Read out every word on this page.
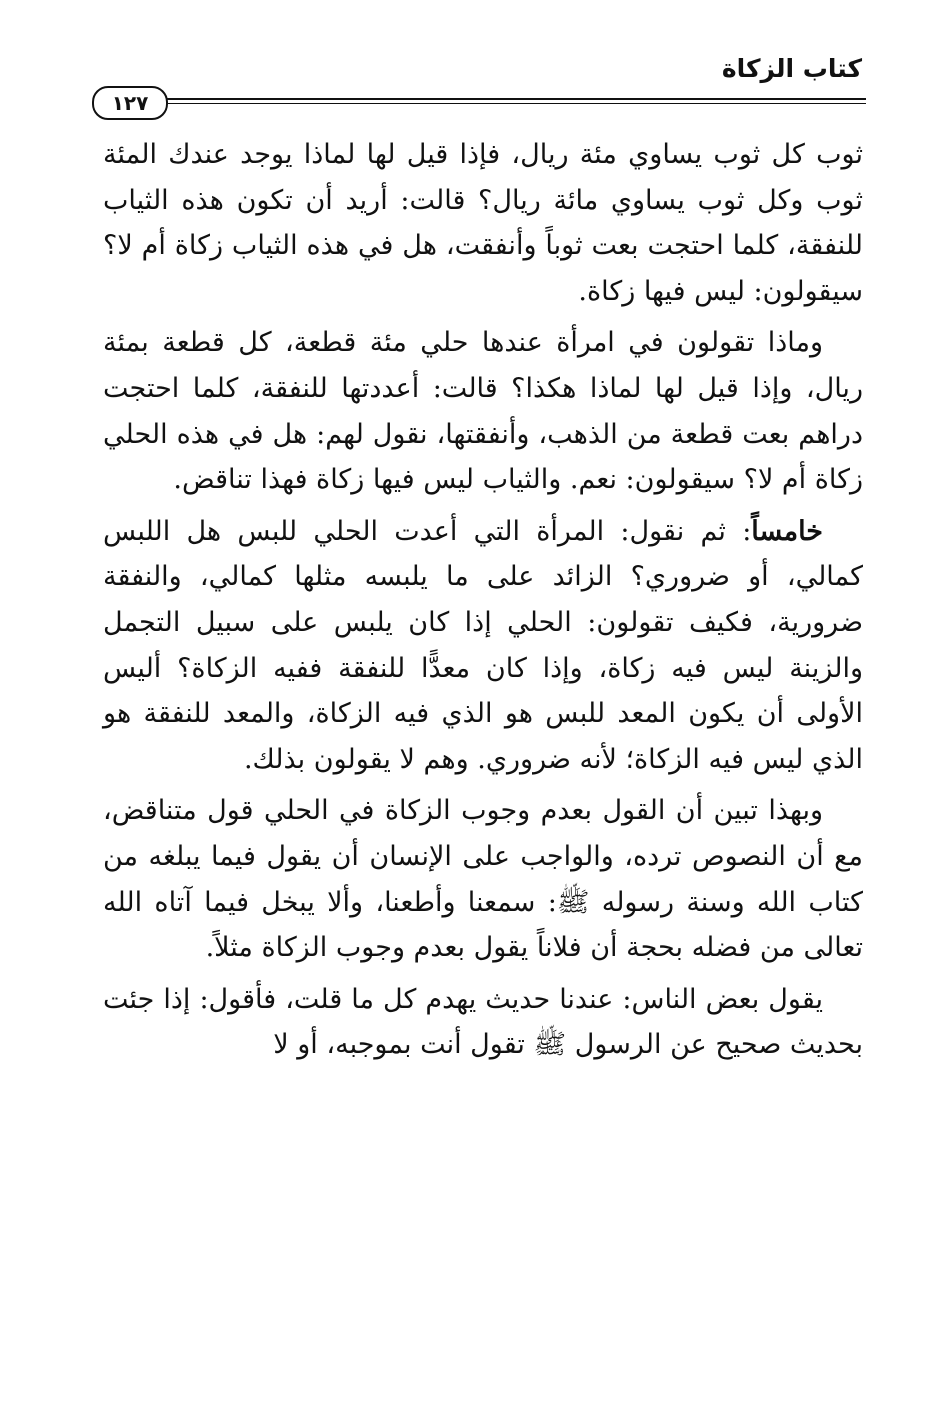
كتاب الزكاة
١٢٧

ثوب كل ثوب يساوي مئة ريال، فإذا قيل لها لماذا يوجد عندك المئة ثوب وكل ثوب يساوي مائة ريال؟ قالت: أريد أن تكون هذه الثياب للنفقة، كلما احتجت بعت ثوباً وأنفقت، هل في هذه الثياب زكاة أم لا؟ سيقولون: ليس فيها زكاة.

وماذا تقولون في امرأة عندها حلي مئة قطعة، كل قطعة بمئة ريال، وإذا قيل لها لماذا هكذا؟ قالت: أعددتها للنفقة، كلما احتجت دراهم بعت قطعة من الذهب، وأنفقتها، نقول لهم: هل في هذه الحلي زكاة أم لا؟ سيقولون: نعم. والثياب ليس فيها زكاة فهذا تناقض.

خامساً: ثم نقول: المرأة التي أعدت الحلي للبس هل اللبس كمالي، أو ضروري؟ الزائد على ما يلبسه مثلها كمالي، والنفقة ضرورية، فكيف تقولون: الحلي إذا كان يلبس على سبيل التجمل والزينة ليس فيه زكاة، وإذا كان معدًّا للنفقة ففيه الزكاة؟ أليس الأولى أن يكون المعد للبس هو الذي فيه الزكاة، والمعد للنفقة هو الذي ليس فيه الزكاة؛ لأنه ضروري. وهم لا يقولون بذلك.

وبهذا تبين أن القول بعدم وجوب الزكاة في الحلي قول متناقض، مع أن النصوص ترده، والواجب على الإنسان أن يقول فيما يبلغه من كتاب الله وسنة رسوله ﷺ: سمعنا وأطعنا، وألا يبخل فيما آتاه الله تعالى من فضله بحجة أن فلاناً يقول بعدم وجوب الزكاة مثلاً.

يقول بعض الناس: عندنا حديث يهدم كل ما قلت، فأقول: إذا جئت بحديث صحيح عن الرسول ﷺ تقول أنت بموجبه، أو لا
